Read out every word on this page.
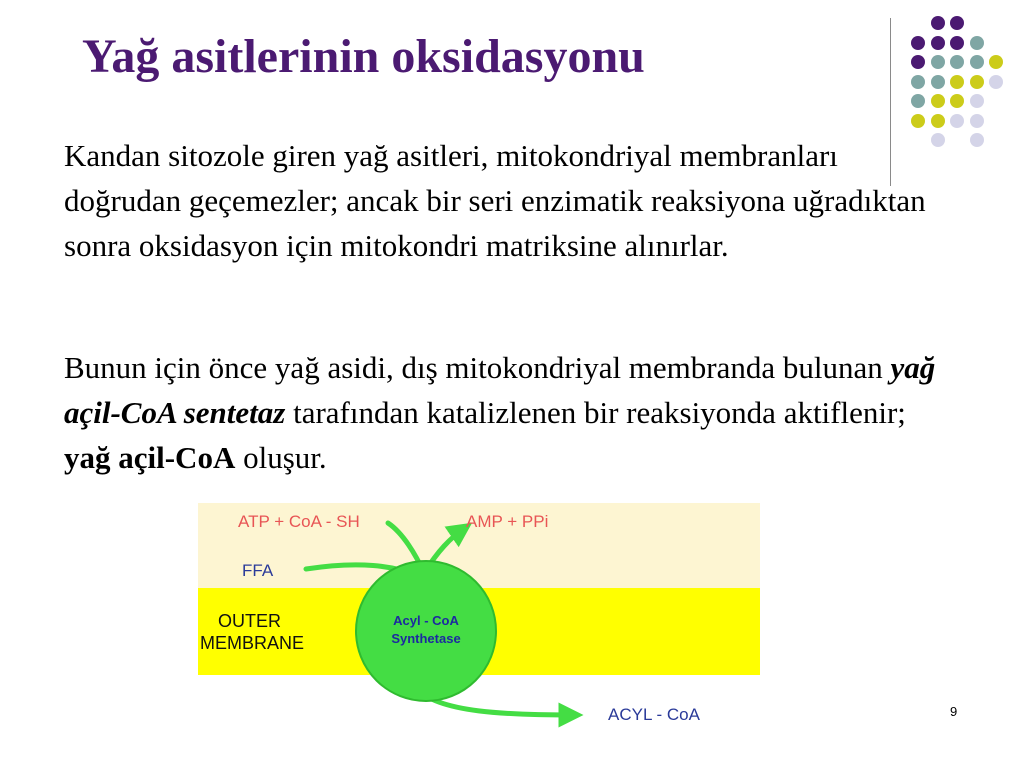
Yağ asitlerinin oksidasyonu

Kandan sitozole giren yağ asitleri, mitokondriyal membranları doğrudan geçemezler; ancak bir seri enzimatik reaksiyona uğradıktan sonra oksidasyon için mitokondri matriksine alınırlar.

Bunun için önce yağ asidi, dış mitokondriyal membranda bulunan yağ açil-CoA sentetaz tarafından katalizlenen bir reaksiyonda aktiflenir; yağ açil-CoA oluşur.

ATP + CoA - SH	AMP + PPi
FFA
OUTER
MEMBRANE
Acyl - CoA
Synthetase
ACYL - CoA	9
